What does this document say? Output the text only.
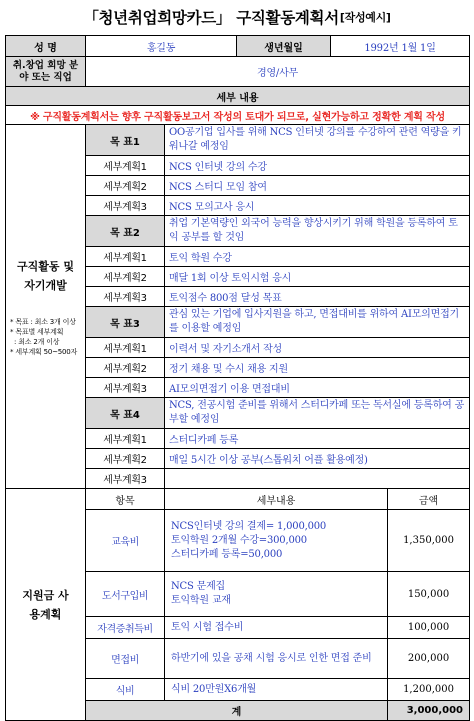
「청년취업희망카드」 구직활동계획서 [작성예시]
성 명	홍길동		생년월일	1992년 1월 1일	
취.창업 희망 분야 또는 직업	경영/사무				
세부 내용					
※ 구직활동계획서는 향후 구직활동보고서 작성의 토대가 되므로, 실현가능하고 정확한 계획 작성					

구직활동 및 자기개발
* 목표 : 최소 3개 이상
* 목표별 세부계획
: 최소 2개 이상
* 세부계획 50~500자	목 표1	OO공기업 입사를 위해 NCS 인터넷 강의를 수강하여 관련 역량을 키워나갈 예정임			
	세부계획1	NCS 인터넷 강의 수강			
	세부계획2	NCS 스터디 모임 참여			
	세부계획3	NCS 모의고사 응시			
	목 표2	취업 기본역량인 외국어 능력을 향상시키기 위해 학원을 등록하여 토익 공부를 할 것임			
	세부계획1	토익 학원 수강			
	세부계획2	매달 1회 이상 토익시험 응시			
	세부계획3	토익점수 800점 달성 목표			
	목 표3	관심 있는 기업에 입사지원을 하고, 면접대비를 위하여 AI모의면접기를 이용할 예정임			
	세부계획1	이력서 및 자기소개서 작성			
	세부계획2	정기 채용 및 수시 채용 지원			
	세부계획3	AI모의면접기 이용 면접대비			
	목 표4	NCS, 전공시험 준비를 위해서 스터디카페 또는 독서실에 등록하여 공부할 예정임			
	세부계획1	스터디카페 등록			
	세부계획2	매일 5시간 이상 공부(스톱워치 어플 활용예정)			
	세부계획3				

지원금 사용계획	항목	세부내용			금액
	교육비	NCS인터넷 강의 결제= 1,000,000
토익학원 2개월 수강=300,000
스터디카페 등록=50,000			1,350,000
	도서구입비	NCS 문제집
토익학원 교재			150,000
	자격증취득비	토익 시험 접수비			100,000
	면접비	하반기에 있을 공채 시험 응시로 인한 면접 준비			200,000
	식비	식비 20만원X6개월			1,200,000
	계				3,000,000
